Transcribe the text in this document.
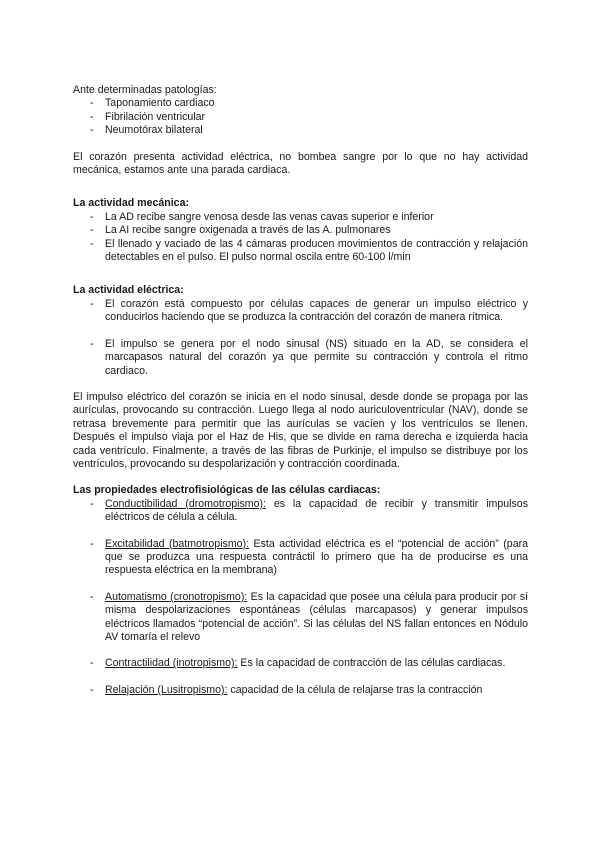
Ante determinadas patologías:

- Taponamiento cardiaco
- Fibrilación ventricular
- Neumotórax bilateral

El corazón presenta actividad eléctrica, no bombea sangre por lo que no hay actividad mecánica, estamos ante una parada cardiaca.

La actividad mecánica:

- La AD recibe sangre venosa desde las venas cavas superior e inferior
- La AI recibe sangre oxigenada a través de las A. pulmonares
- El llenado y vaciado de las 4 cámaras producen movimientos de contracción y relajación detectables en el pulso. El pulso normal oscila entre 60-100 l/min

La actividad eléctrica:

- El corazón está compuesto por células capaces de generar un impulso eléctrico y conducirlos haciendo que se produzca la contracción del corazón de manera rítmica.
- El impulso se genera por el nodo sinusal (NS) situado en la AD, se considera el marcapasos natural del corazón ya que permite su contracción y controla el ritmo cardiaco.

El impulso eléctrico del corazón se inicia en el nodo sinusal, desde donde se propaga por las aurículas, provocando su contracción. Luego llega al nodo auriculoventricular (NAV), donde se retrasa brevemente para permitir que las aurículas se vacíen y los ventrículos se llenen. Después el impulso viaja por el Haz de His, que se divide en rama derecha e izquierda hacia cada ventrículo. Finalmente, a través de las fibras de Purkinje, el impulso se distribuye por los ventrículos, provocando su despolarización y contracción coordinada.

Las propiedades electrofisiológicas de las células cardiacas:

- Conductibilidad (dromotropismo): es la capacidad de recibir y transmitir impulsos eléctricos de célula a célula.
- Excitabilidad (batmotropismo): Esta actividad eléctrica es el “potencial de acción” (para que se produzca una respuesta contráctil lo primero que ha de producirse es una respuesta eléctrica en la membrana)
- Automatismo (cronotropismo): Es la capacidad que posee una célula para producir por sí misma despolarizaciones espontáneas (células marcapasos) y generar impulsos eléctricos llamados “potencial de acción”. Si las células del NS fallan entonces en Nódulo AV tomaría el relevo
- Contractilidad (inotropismo): Es la capacidad de contracción de las células cardiacas.
- Relajación (Lusitropismo): capacidad de la célula de relajarse tras la contracción
